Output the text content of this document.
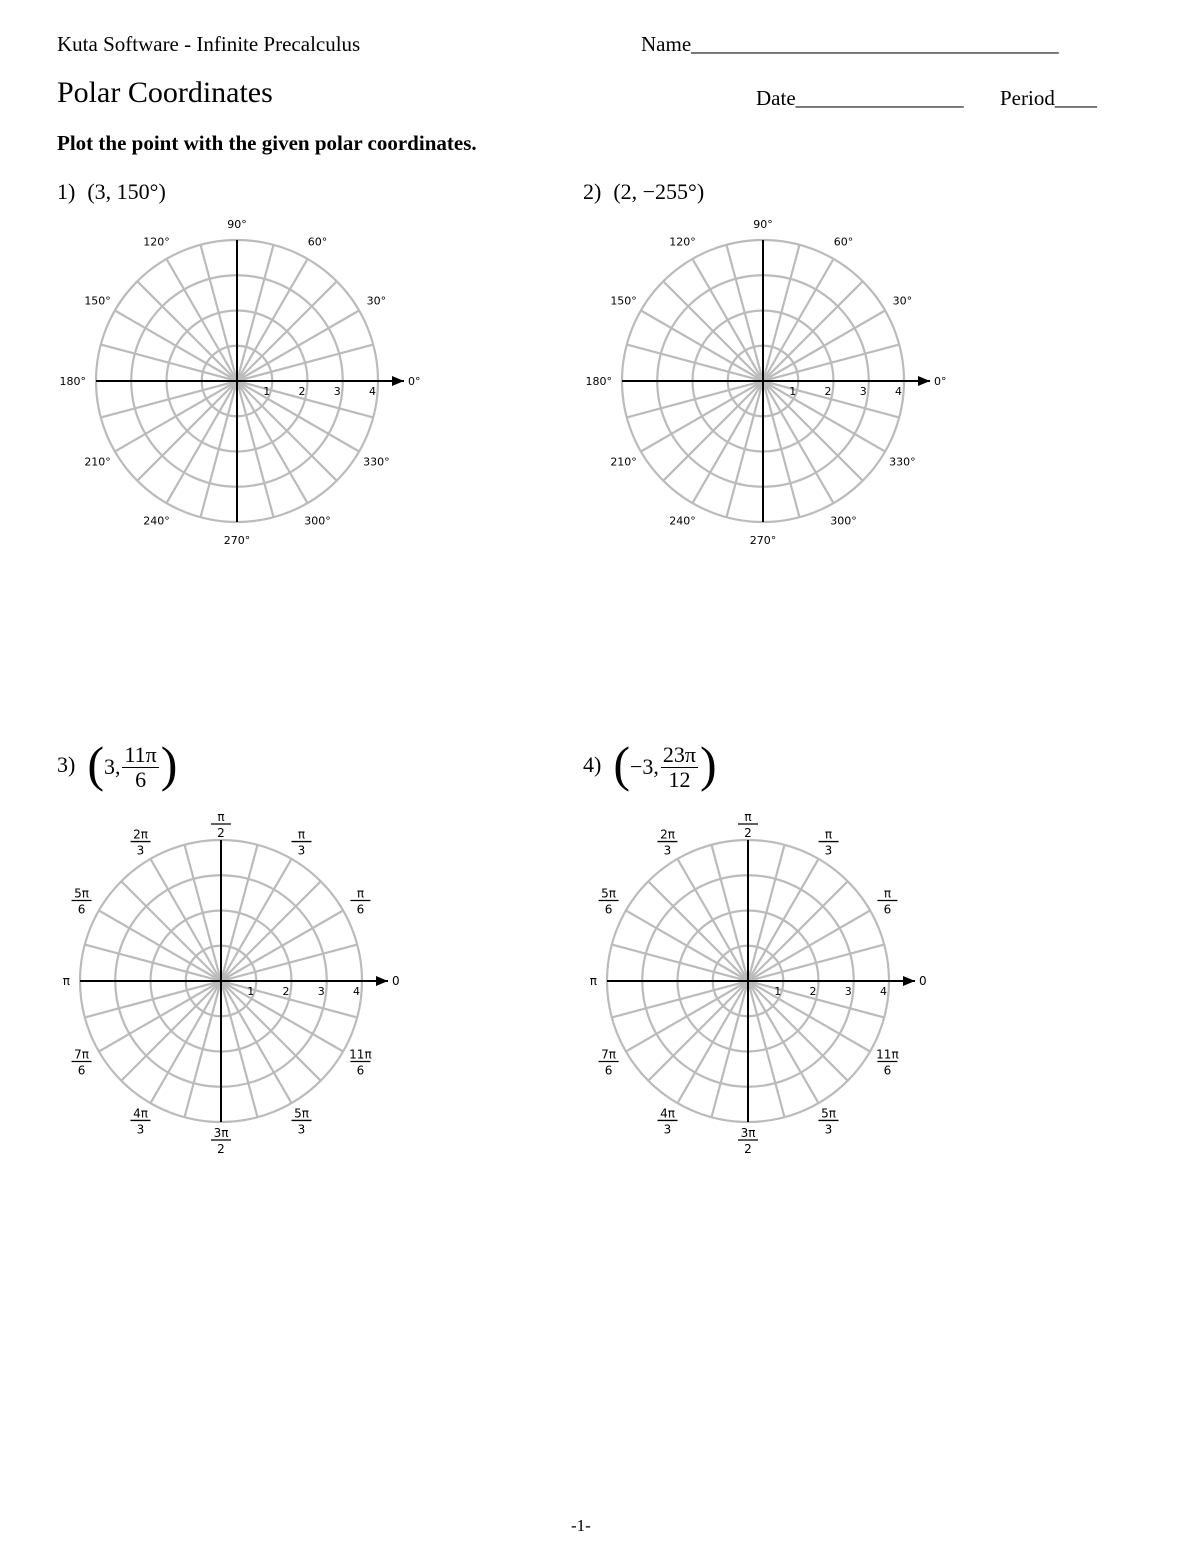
Kuta Software - Infinite Precalculus	Name___________________________________
Polar Coordinates	Date________________ Period____
Plot the point with the given polar coordinates.
1) (3, 150°)	2) (2, −255°)
3) ( 3, $\frac{11\pi}{6}$ )	4) ( −3, $\frac{23\pi}{12}$ )
1	2	3	4
0°
30°
60°
90°
120°
150°
180°
210°
240°
270°
300°
330°
1	2	3	4
0°
30°
60°
90°
120°
150°
180°
210°
240°
270°
300°
330°
1	2	3	4
0
π
6
π
3
π
2
2π
3
5π
6
π
7π
6
4π
3	3π
2
5π
3
11π
6
1	2	3	4
0
π
6
π
3
π
2
2π
3
5π
6
π
7π
6
4π
3	3π
2
5π
3
11π
6
-1-
